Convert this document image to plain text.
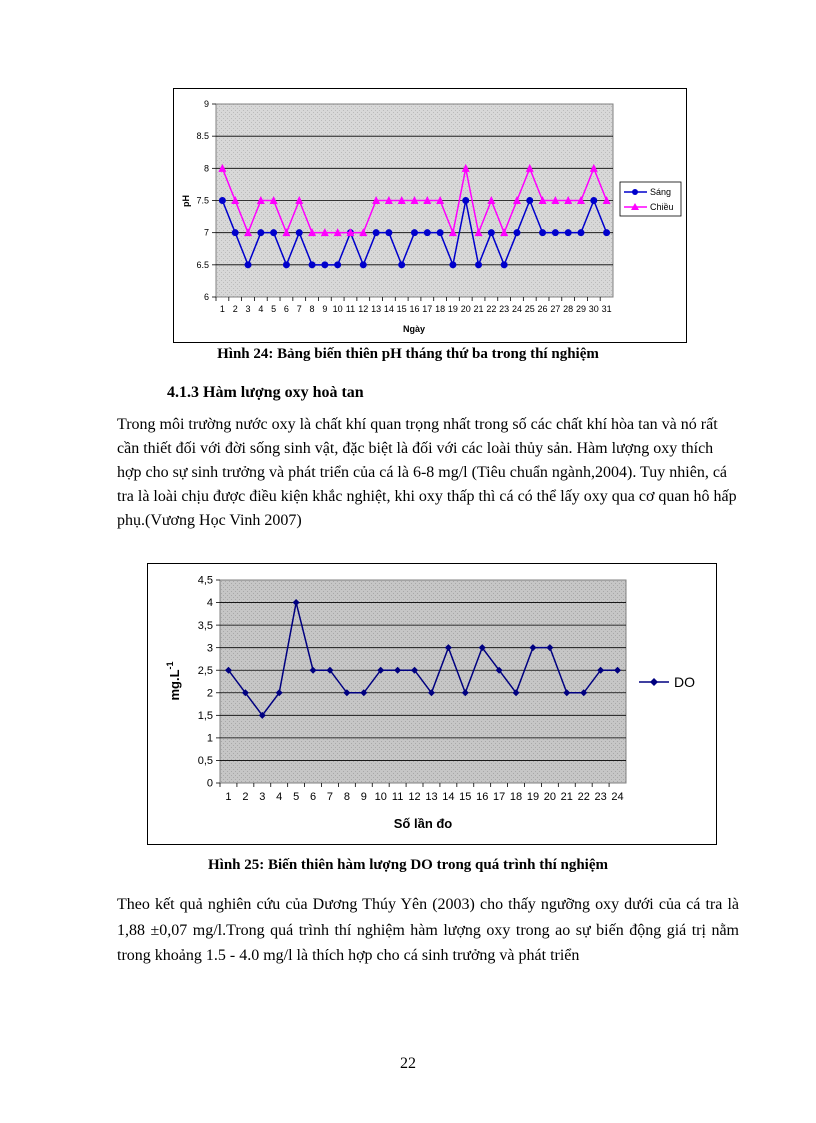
6
6.5
7
7.5
8
8.5
9
1 2 3 4 5 6 7 8 9 10 11 12 13 14 15 16 17 18 19 20 21 22 23 24 25 26 27 28 29 30 31
pH
Ngày
Sáng
Chiều
Hình 24: Bảng biến thiên pH tháng thứ ba trong thí nghiệm
4.1.3 Hàm lượng oxy hoà tan
Trong môi trường nước oxy là chất khí quan trọng nhất trong số các chất khí hòa tan và nó rất cần thiết đối với đời sống sinh vật, đặc biệt là đối với các loài thủy sản. Hàm lượng oxy thích hợp cho sự sinh trưởng và phát triển của cá là 6-8 mg/l (Tiêu chuẩn ngành,2004). Tuy nhiên, cá tra là loài chịu được điều kiện khắc nghiệt, khi oxy thấp thì cá có thể lấy oxy qua cơ quan hô hấp phụ.(Vương Học Vinh 2007)
0
0,5
1
1,5
2
2,5
3
3,5
4
4,5
1 2 3 4 5 6 7 8 9 10 11 12 13 14 15 16 17 18 19 20 21 22 23 24
$mg.L^{-1}$
Số lần đo
DO
Hình 25: Biến thiên hàm lượng DO trong quá trình thí nghiệm
Theo kết quả nghiên cứu của Dương Thúy Yên (2003) cho thấy ngưỡng oxy dưới của cá tra là 1,88 ±0,07 mg/l.Trong quá trình thí nghiệm hàm lượng oxy trong ao sự biến động giá trị nằm trong khoảng 1.5 - 4.0 mg/l là thích hợp cho cá sinh trưởng và phát triển
22
